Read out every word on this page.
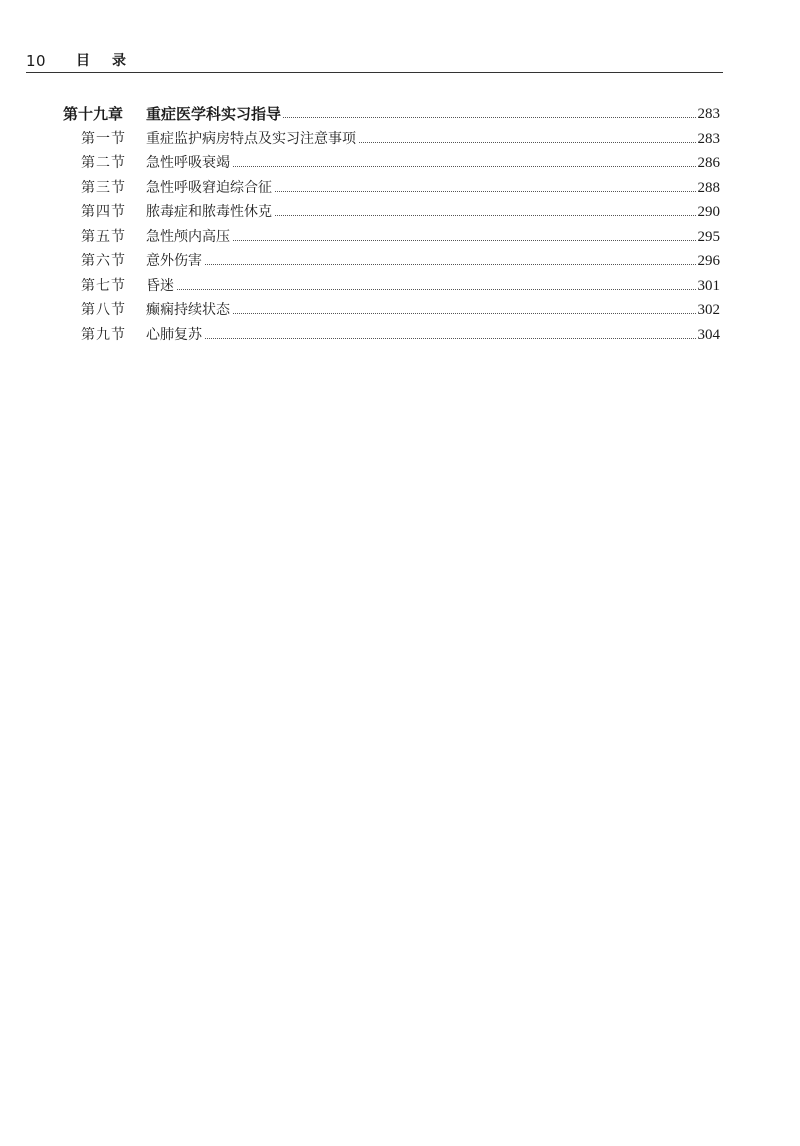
10 目录
第十九章 重症医学科实习指导	283
第一节 重症监护病房特点及实习注意事项	283
第二节 急性呼吸衰竭	286
第三节 急性呼吸窘迫综合征	288
第四节 脓毒症和脓毒性休克	290
第五节 急性颅内高压	295
第六节 意外伤害	296
第七节 昏迷	301
第八节 癫痫持续状态	302
第九节 心肺复苏	304
